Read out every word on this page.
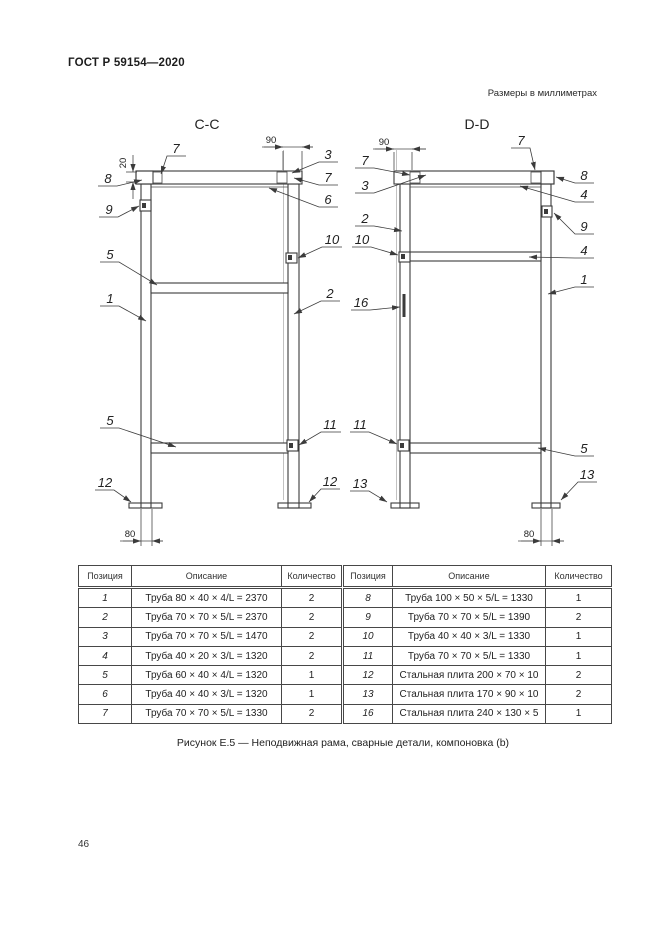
ГОСТ Р 59154—2020
Размеры в миллиметрах
C-C
20
90
80
7	3
7
6
8
9
5
10
1	2
5	11
12	12
D-D
90
80
7
3
2
10
16
7
8
4
9
4
1
11
5
13
13
Позиция	Описание	Количество
1	Труба 80 × 40 × 4/L = 2370	2
2	Труба 70 × 70 × 5/L = 2370	2
3	Труба 70 × 70 × 5/L = 1470	2
4	Труба 40 × 20 × 3/L = 1320	2
5	Труба 60 × 40 × 4/L = 1320	1
6	Труба 40 × 40 × 3/L = 1320	1
7	Труба 70 × 70 × 5/L = 1330	2
Позиция	Описание	Количество
8	Труба 100 × 50 × 5/L = 1330	1
9	Труба 70 × 70 × 5/L = 1390	2
10	Труба 40 × 40 × 3/L = 1330	1
11	Труба 70 × 70 × 5/L = 1330	1
12	Стальная плита 200 × 70 × 10	2
13	Стальная плита 170 × 90 × 10	2
16	Стальная плита 240 × 130 × 5	1
Рисунок Е.5 — Неподвижная рама, сварные детали, компоновка (b)
46
